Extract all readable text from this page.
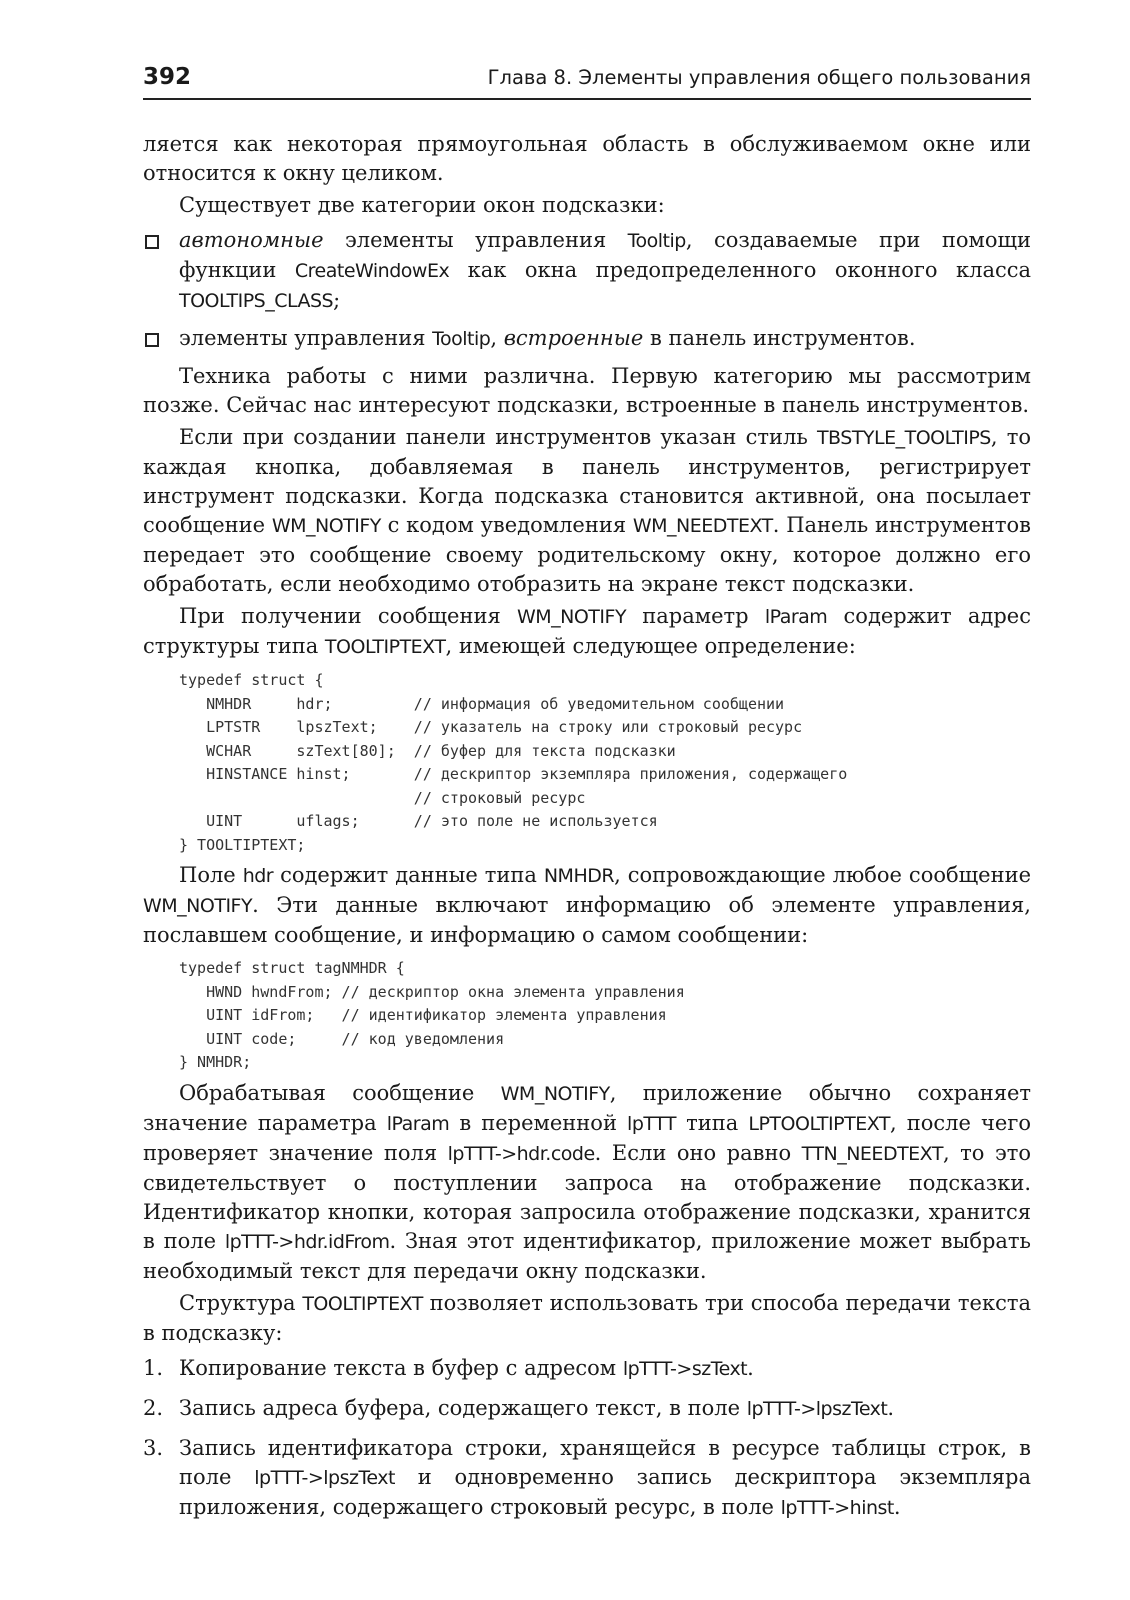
392	Глава 8. Элементы управления общего пользования

ляется как некоторая прямоугольная область в обслуживаемом окне или относится к окну целиком.

Существует две категории окон подсказки:

автономные элементы управления Tooltip, создаваемые при помощи функции CreateWindowEx как окна предопределенного оконного класса TOOLTIPS_CLASS;
элементы управления Tooltip, встроенные в панель инструментов.

Техника работы с ними различна. Первую категорию мы рассмотрим позже. Сейчас нас интересуют подсказки, встроенные в панель инструментов.

Если при создании панели инструментов указан стиль TBSTYLE_TOOLTIPS, то каждая кнопка, добавляемая в панель инструментов, регистрирует инструмент подсказки. Когда подсказка становится активной, она посылает сообщение WM_NOTIFY с кодом уведомления WM_NEEDTEXT. Панель инструментов передает это сообщение своему родительскому окну, которое должно его обработать, если необходимо отобразить на экране текст подсказки.

При получении сообщения WM_NOTIFY параметр lParam содержит адрес структуры типа TOOLTIPTEXT, имеющей следующее определение:

typedef struct {
NMHDR     hdr;         // информация об уведомительном сообщении
LPTSTR    lpszText;    // указатель на строку или строковый ресурс
WCHAR     szText[80];  // буфер для текста подсказки
HINSTANCE hinst;       // дескриптор экземпляра приложения, содержащего
// строковый ресурс
UINT      uflags;      // это поле не используется
} TOOLTIPTEXT;

Поле hdr содержит данные типа NMHDR, сопровождающие любое сообщение WM_NOTIFY. Эти данные включают информацию об элементе управления, пославшем сообщение, и информацию о самом сообщении:

typedef struct tagNMHDR {
HWND hwndFrom; // дескриптор окна элемента управления
UINT idFrom;   // идентификатор элемента управления
UINT code;     // код уведомления
} NMHDR;

Обрабатывая сообщение WM_NOTIFY, приложение обычно сохраняет значение параметра lParam в переменной lpTTT типа LPTOOLTIPTEXT, после чего проверяет значение поля lpTTT->hdr.code. Если оно равно TTN_NEEDTEXT, то это свидетельствует о поступлении запроса на отображение подсказки. Идентификатор кнопки, которая запросила отображение подсказки, хранится в поле lpTTT->hdr.idFrom. Зная этот идентификатор, приложение может выбрать необходимый текст для передачи окну подсказки.

Структура TOOLTIPTEXT позволяет использовать три способа передачи текста в подсказку:

1. Копирование текста в буфер с адресом lpTTT->szText.
2. Запись адреса буфера, содержащего текст, в поле lpTTT->lpszText.
3. Запись идентификатора строки, хранящейся в ресурсе таблицы строк, в поле lpTTT->lpszText и одновременно запись дескриптора экземпляра приложения, содержащего строковый ресурс, в поле lpTTT->hinst.
